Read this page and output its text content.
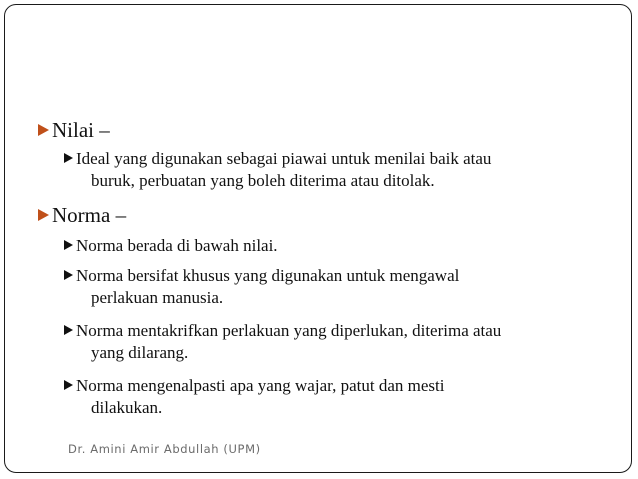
Nilai –
Ideal yang digunakan sebagai piawai untuk menilai baik atau
buruk, perbuatan yang boleh diterima atau ditolak.
Norma –
Norma berada di bawah nilai.
Norma bersifat khusus yang digunakan untuk mengawal
perlakuan manusia.
Norma mentakrifkan perlakuan yang diperlukan, diterima atau
yang dilarang.
Norma mengenalpasti apa yang wajar, patut dan mesti
dilakukan.
Dr. Amini Amir Abdullah (UPM)
